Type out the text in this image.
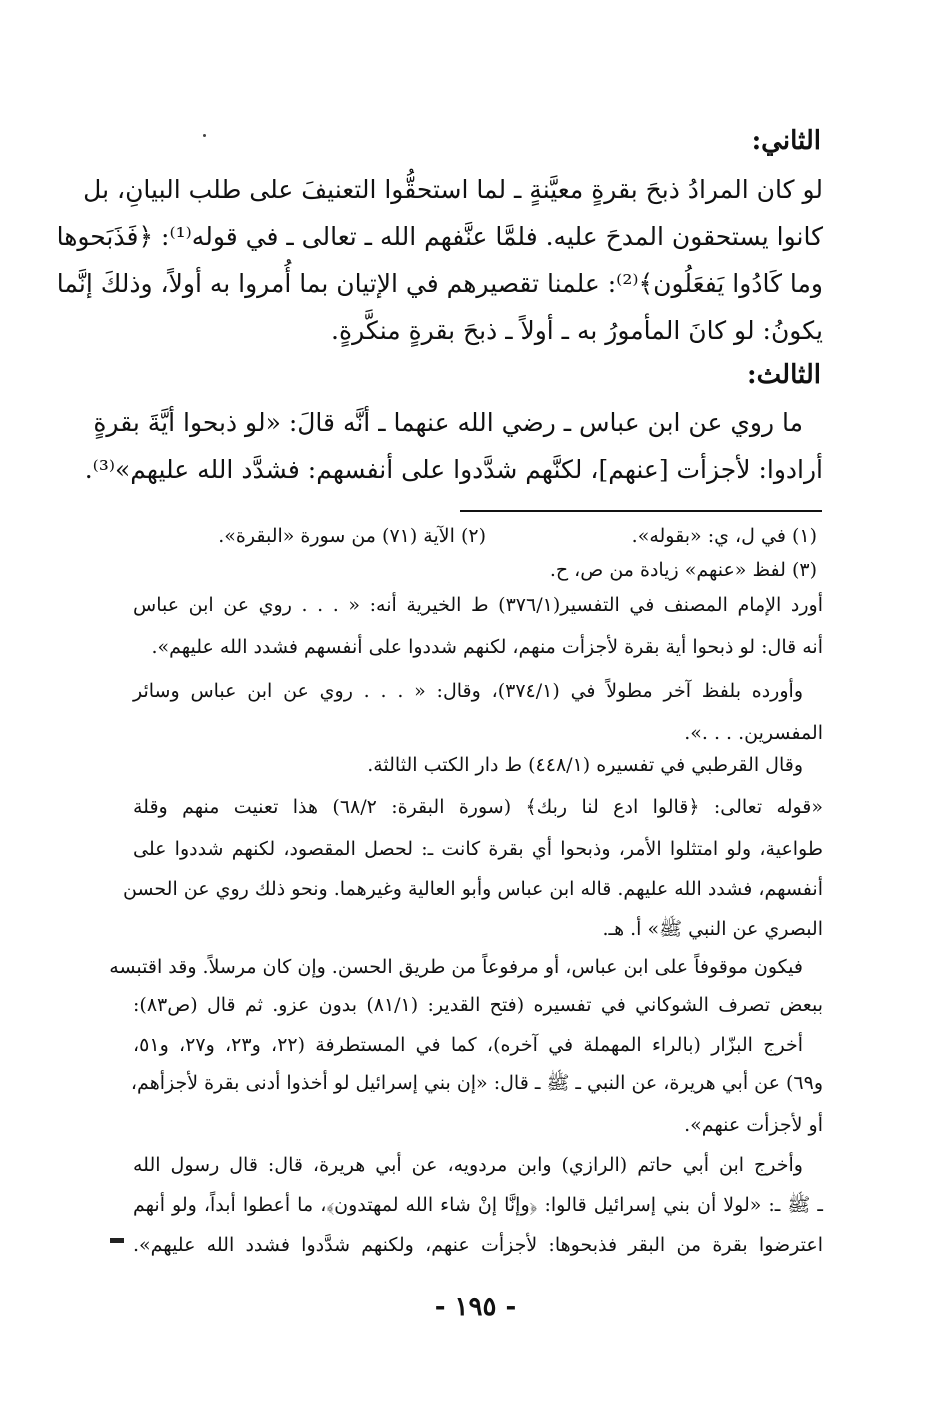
الثاني:
لو كان المرادُ ذبحَ بقرةٍ معيَّنةٍ ـ لما استحقُّوا التعنيفَ على طلب البيانِ، بل
كانوا يستحقون المدحَ عليه. فلمَّا عنَّفهم الله ـ تعالى ـ في قوله⁽¹⁾: ﴿فَذَبَحوها
وما كَادُوا يَفعَلُون﴾⁽²⁾: علمنا تقصيرهم في الإتيان بما أُمروا به أولاً، وذلكَ إنَّما
يكونُ: لو كانَ المأمورُ به ـ أولاً ـ ذبحَ بقرةٍ منكَّرةٍ.
الثالث:
ما روي عن ابن عباس ـ رضي الله عنهما ـ أنَّه قالَ: «لو ذبحوا أيَّةَ بقرةٍ
أرادوا: لأجزأت [عنهم]، لكنَّهم شدَّدوا على أنفسهم: فشدَّد الله عليهم»⁽³⁾.
(١) في ل، ي: «بقوله».
(٢) الآية (٧١) من سورة «البقرة».
(٣) لفظ «عنهم» زيادة من ص، ح.
أورد الإمام المصنف في التفسير(٣٧٦/١) ط الخيرية أنه: « . . . روي عن ابن عباس
أنه قال: لو ذبحوا أية بقرة لأجزأت منهم، لكنهم شددوا على أنفسهم فشدد الله عليهم».
وأورده بلفظ آخر مطولاً في (٣٧٤/١)، وقال: « . . . روي عن ابن عباس وسائر
المفسرين. . . .».
وقال القرطبي في تفسيره (٤٤٨/١) ط دار الكتب الثالثة.
«قوله تعالى: ﴿قالوا ادع لنا ربك﴾ (سورة البقرة: ٦٨/٢) هذا تعنيت منهم وقلة
طواعية، ولو امتثلوا الأمر، وذبحوا أي بقرة كانت ـ: لحصل المقصود، لكنهم شددوا على
أنفسهم، فشدد الله عليهم. قاله ابن عباس وأبو العالية وغيرهما. ونحو ذلك روي عن الحسن
البصري عن النبي ﷺ» أ. هـ.
فيكون موقوفاً على ابن عباس، أو مرفوعاً من طريق الحسن. وإن كان مرسلاً. وقد اقتبسه
ببعض تصرف الشوكاني في تفسيره (فتح القدير: (٨١/١) بدون عزو. ثم قال (ص٨٣):
أخرج البزّار (بالراء المهملة في آخره)، كما في المستطرفة (٢٢، و٢٣، و٢٧، و٥١،
و٦٩) عن أبي هريرة، عن النبي ـ ﷺ ـ قال: «إن بني إسرائيل لو أخذوا أدنى بقرة لأجزأهم،
أو لأجزأت عنهم».
وأخرج ابن أبي حاتم (الرازي) وابن مردويه، عن أبي هريرة، قال: قال رسول الله
ـ ﷺ ـ: «لولا أن بني إسرائيل قالوا: ﴿وإنَّا إنْ شاء الله لمهتدون﴾، ما أعطوا أبداً، ولو أنهم
اعترضوا بقرة من البقر فذبحوها: لأجزأت عنهم، ولكنهم شدَّدوا فشدد الله عليهم».
- ١٩٥ -
